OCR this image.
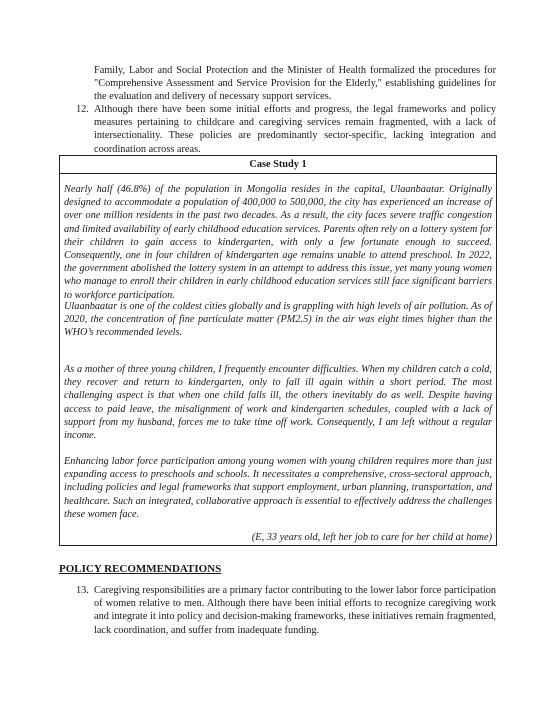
Family, Labor and Social Protection and the Minister of Health formalized the procedures for "Comprehensive Assessment and Service Provision for the Elderly," establishing guidelines for the evaluation and delivery of necessary support services.

12. Although there have been some initial efforts and progress, the legal frameworks and policy measures pertaining to childcare and caregiving services remain fragmented, with a lack of intersectionality. These policies are predominantly sector-specific, lacking integration and coordination across areas.

Case Study 1

Nearly half (46.8%) of the population in Mongolia resides in the capital, Ulaanbaatar. Originally designed to accommodate a population of 400,000 to 500,000, the city has experienced an increase of over one million residents in the past two decades. As a result, the city faces severe traffic congestion and limited availability of early childhood education services. Parents often rely on a lottery system for their children to gain access to kindergarten, with only a few fortunate enough to succeed. Consequently, one in four children of kindergarten age remains unable to attend preschool. In 2022, the government abolished the lottery system in an attempt to address this issue, yet many young women who manage to enroll their children in early childhood education services still face significant barriers to workforce participation.

Ulaanbaatar is one of the coldest cities globally and is grappling with high levels of air pollution. As of 2020, the concentration of fine particulate matter (PM2.5) in the air was eight times higher than the WHO’s recommended levels.

As a mother of three young children, I frequently encounter difficulties. When my children catch a cold, they recover and return to kindergarten, only to fall ill again within a short period. The most challenging aspect is that when one child falls ill, the others inevitably do as well. Despite having access to paid leave, the misalignment of work and kindergarten schedules, coupled with a lack of support from my husband, forces me to take time off work. Consequently, I am left without a regular income.

Enhancing labor force participation among young women with young children requires more than just expanding access to preschools and schools. It necessitates a comprehensive, cross-sectoral approach, including policies and legal frameworks that support employment, urban planning, transportation, and healthcare. Such an integrated, collaborative approach is essential to effectively address the challenges these women face.

(E, 33 years old, left her job to care for her child at home)

POLICY RECOMMENDATIONS
13. Caregiving responsibilities are a primary factor contributing to the lower labor force participation of women relative to men. Although there have been initial efforts to recognize caregiving work and integrate it into policy and decision-making frameworks, these initiatives remain fragmented, lack coordination, and suffer from inadequate funding.
